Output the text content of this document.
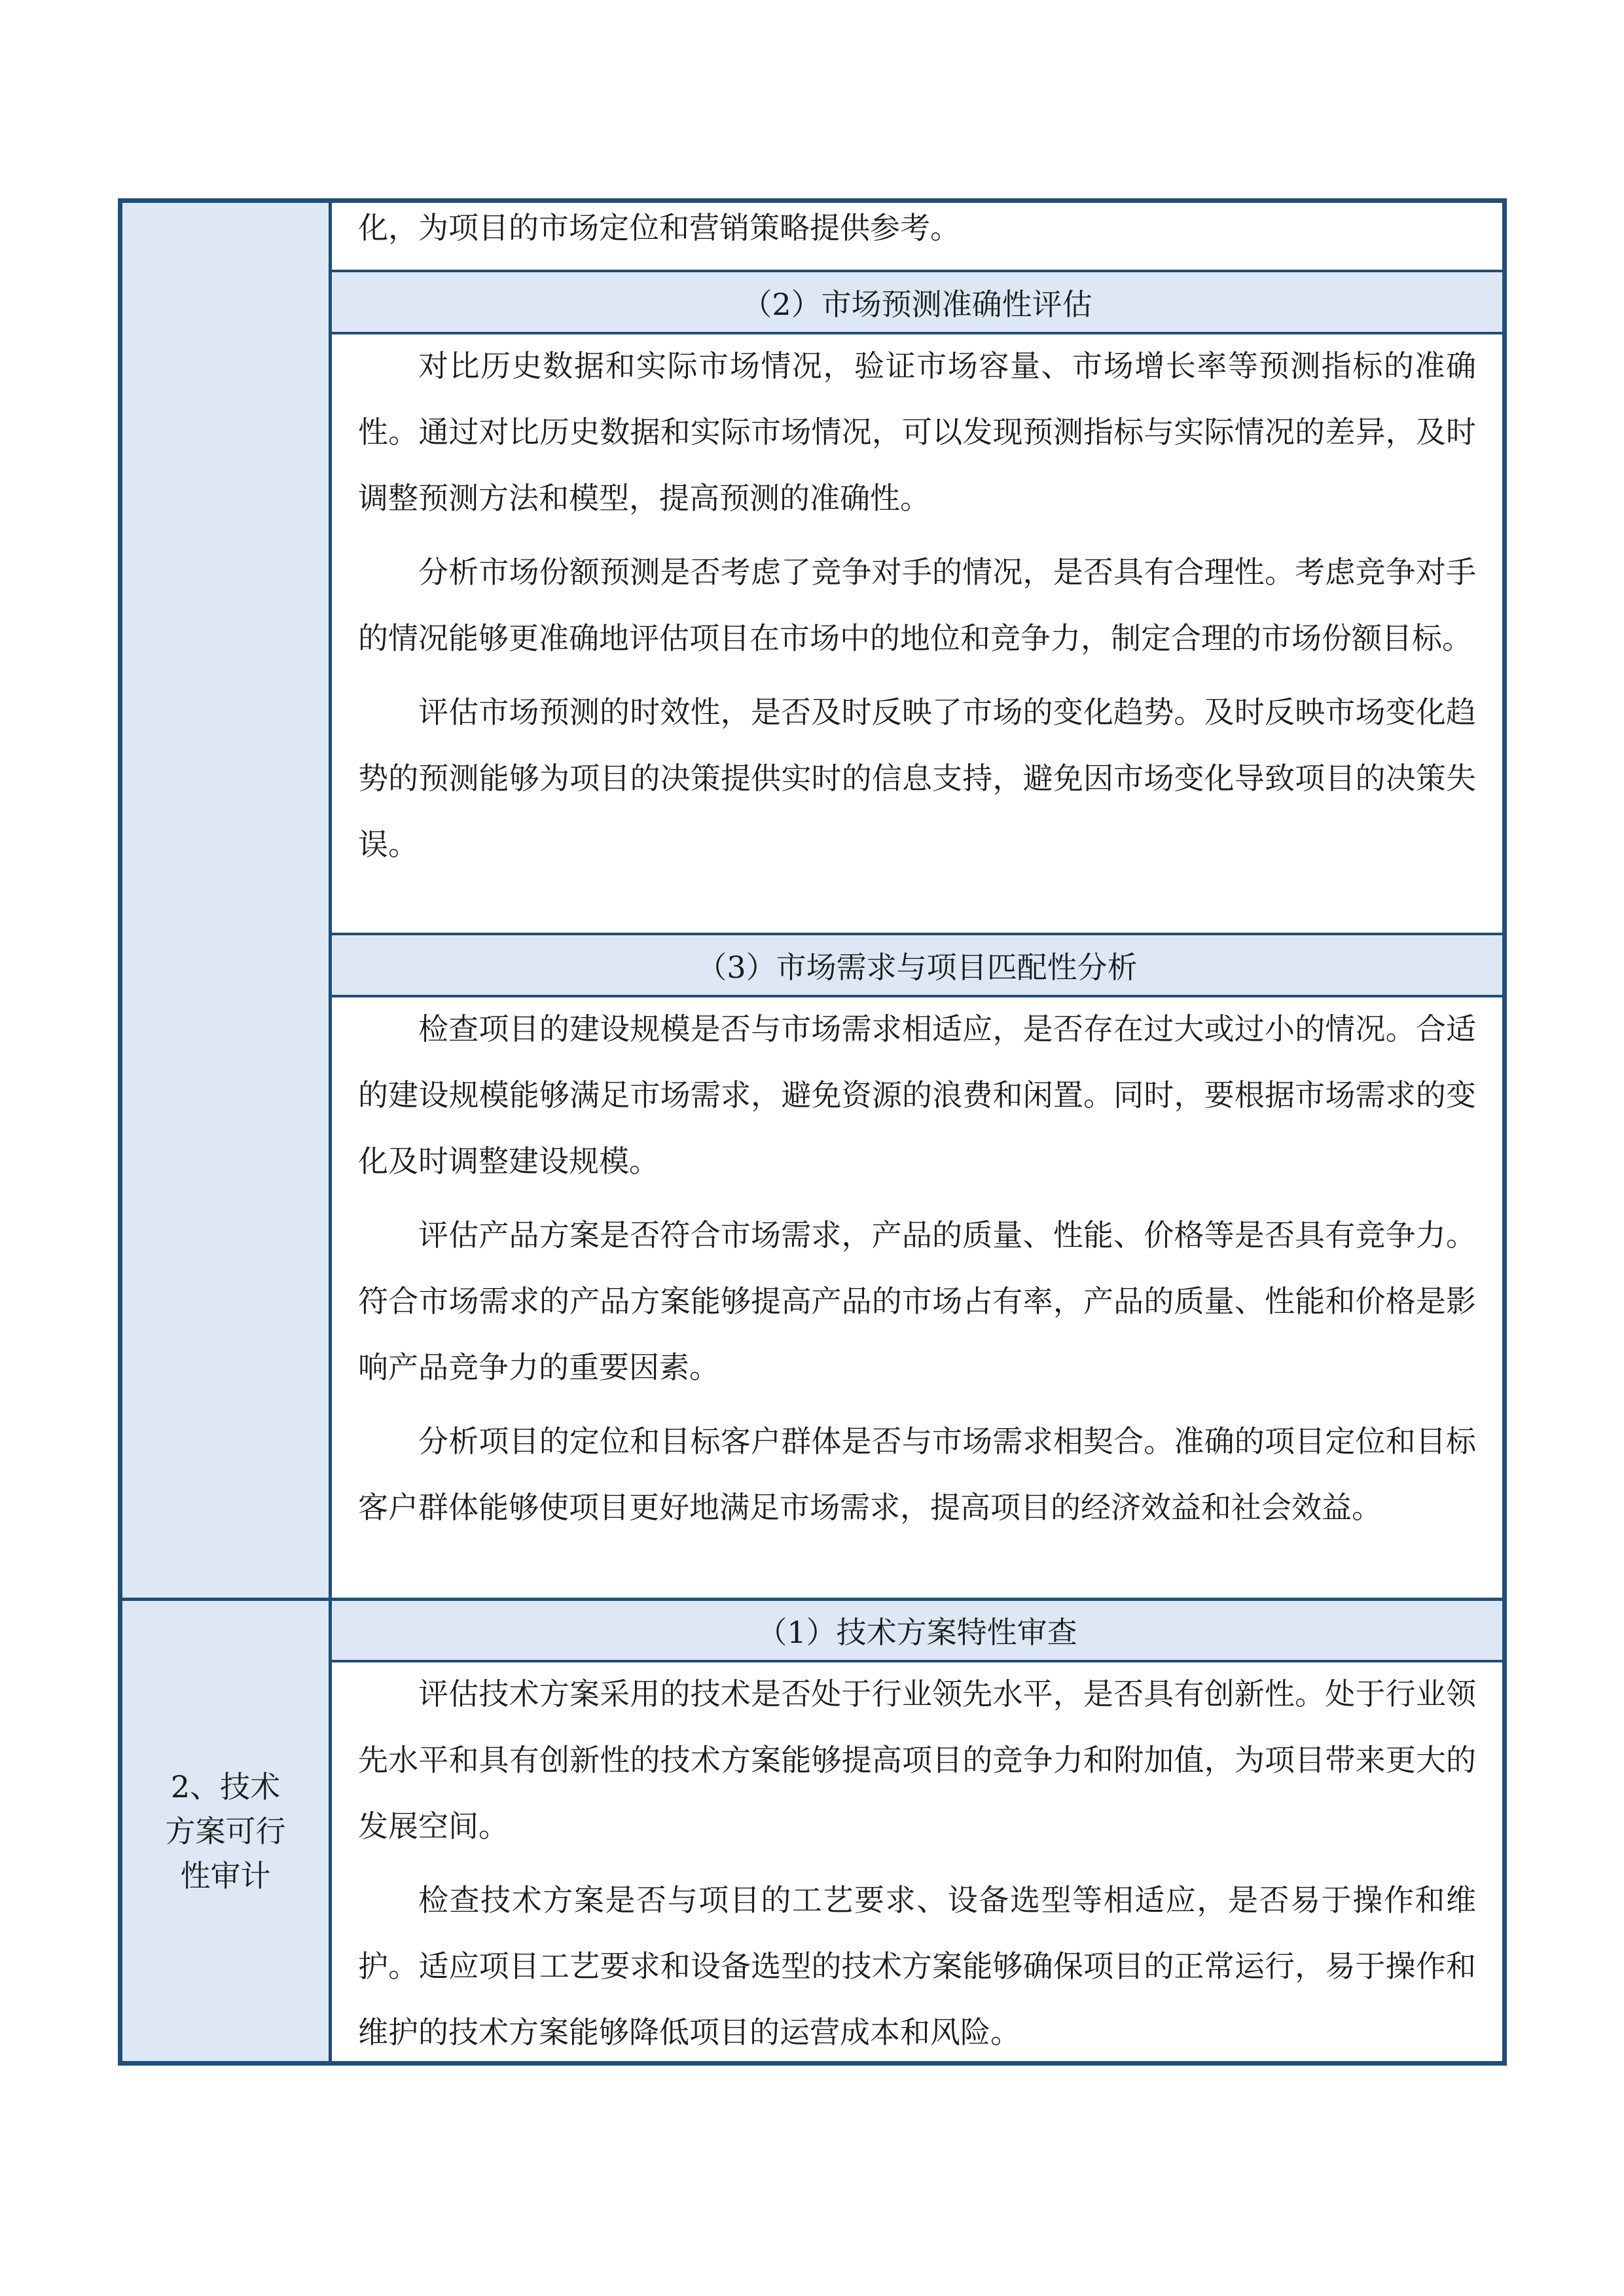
2、技术方案可行性审计

化，为项目的市场定位和营销策略提供参考。

（2）市场预测准确性评估

对比历史数据和实际市场情况，验证市场容量、市场增长率等预测指标的准确性。通过对比历史数据和实际市场情况，可以发现预测指标与实际情况的差异，及时调整预测方法和模型，提高预测的准确性。

分析市场份额预测是否考虑了竞争对手的情况，是否具有合理性。考虑竞争对手的情况能够更准确地评估项目在市场中的地位和竞争力，制定合理的市场份额目标。

评估市场预测的时效性，是否及时反映了市场的变化趋势。及时反映市场变化趋势的预测能够为项目的决策提供实时的信息支持，避免因市场变化导致项目的决策失误。

（3）市场需求与项目匹配性分析

检查项目的建设规模是否与市场需求相适应，是否存在过大或过小的情况。合适的建设规模能够满足市场需求，避免资源的浪费和闲置。同时，要根据市场需求的变化及时调整建设规模。

评估产品方案是否符合市场需求，产品的质量、性能、价格等是否具有竞争力。符合市场需求的产品方案能够提高产品的市场占有率，产品的质量、性能和价格是影响产品竞争力的重要因素。

分析项目的定位和目标客户群体是否与市场需求相契合。准确的项目定位和目标客户群体能够使项目更好地满足市场需求，提高项目的经济效益和社会效益。

（1）技术方案特性审查

评估技术方案采用的技术是否处于行业领先水平，是否具有创新性。处于行业领先水平和具有创新性的技术方案能够提高项目的竞争力和附加值，为项目带来更大的发展空间。

检查技术方案是否与项目的工艺要求、设备选型等相适应，是否易于操作和维护。适应项目工艺要求和设备选型的技术方案能够确保项目的正常运行，易于操作和维护的技术方案能够降低项目的运营成本和风险。
